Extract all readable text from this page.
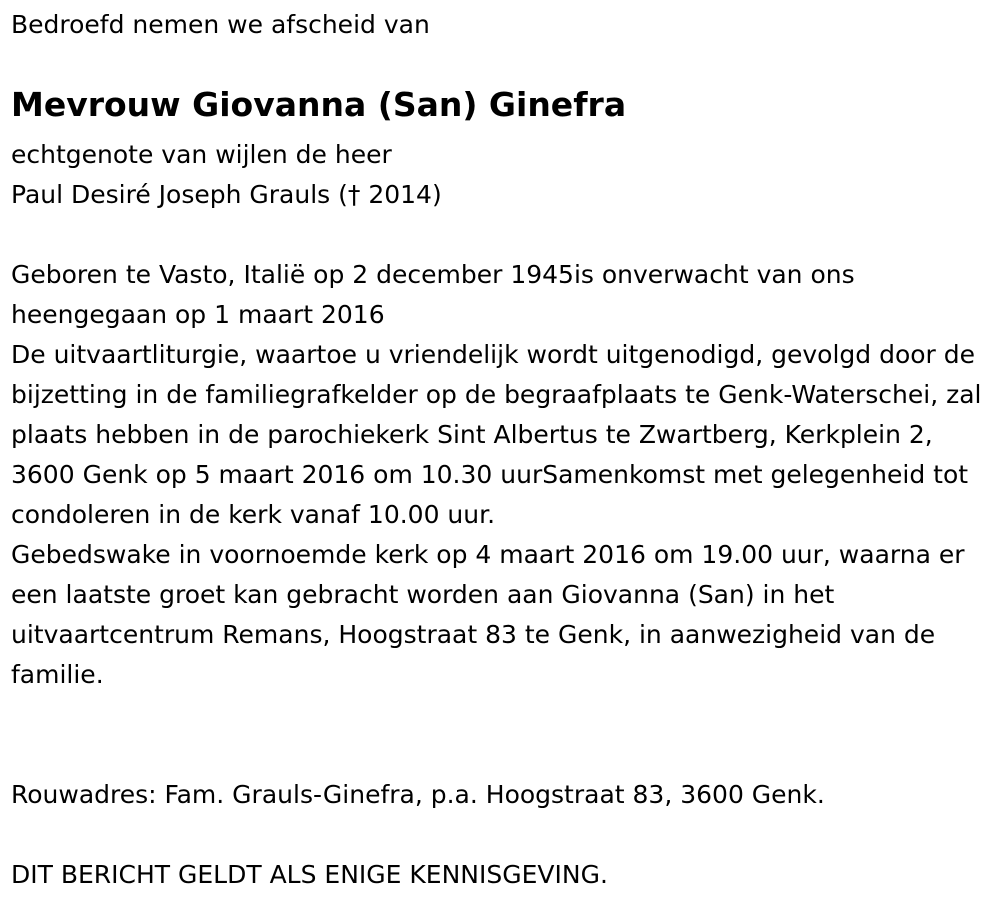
Bedroefd nemen we afscheid van
Mevrouw Giovanna (San) Ginefra
echtgenote van wijlen de heer
Paul Desiré Joseph Grauls († 2014)

Geboren te Vasto, Italië op 2 december 1945is onverwacht van ons heengegaan op 1 maart 2016

De uitvaartliturgie, waartoe u vriendelijk wordt uitgenodigd, gevolgd door de bijzetting in de familiegrafkelder op de begraafplaats te Genk-Waterschei, zal plaats hebben in de parochiekerk Sint Albertus te Zwartberg, Kerkplein 2, 3600 Genk op 5 maart 2016 om 10.30 uurSamenkomst met gelegenheid tot condoleren in de kerk vanaf 10.00 uur.

Gebedswake in voornoemde kerk op 4 maart 2016 om 19.00 uur, waarna er een laatste groet kan gebracht worden aan Giovanna (San) in het uitvaartcentrum Remans, Hoogstraat 83 te Genk, in aanwezigheid van de familie.

Rouwadres: Fam. Grauls-Ginefra, p.a. Hoogstraat 83, 3600 Genk.
DIT BERICHT GELDT ALS ENIGE KENNISGEVING.
